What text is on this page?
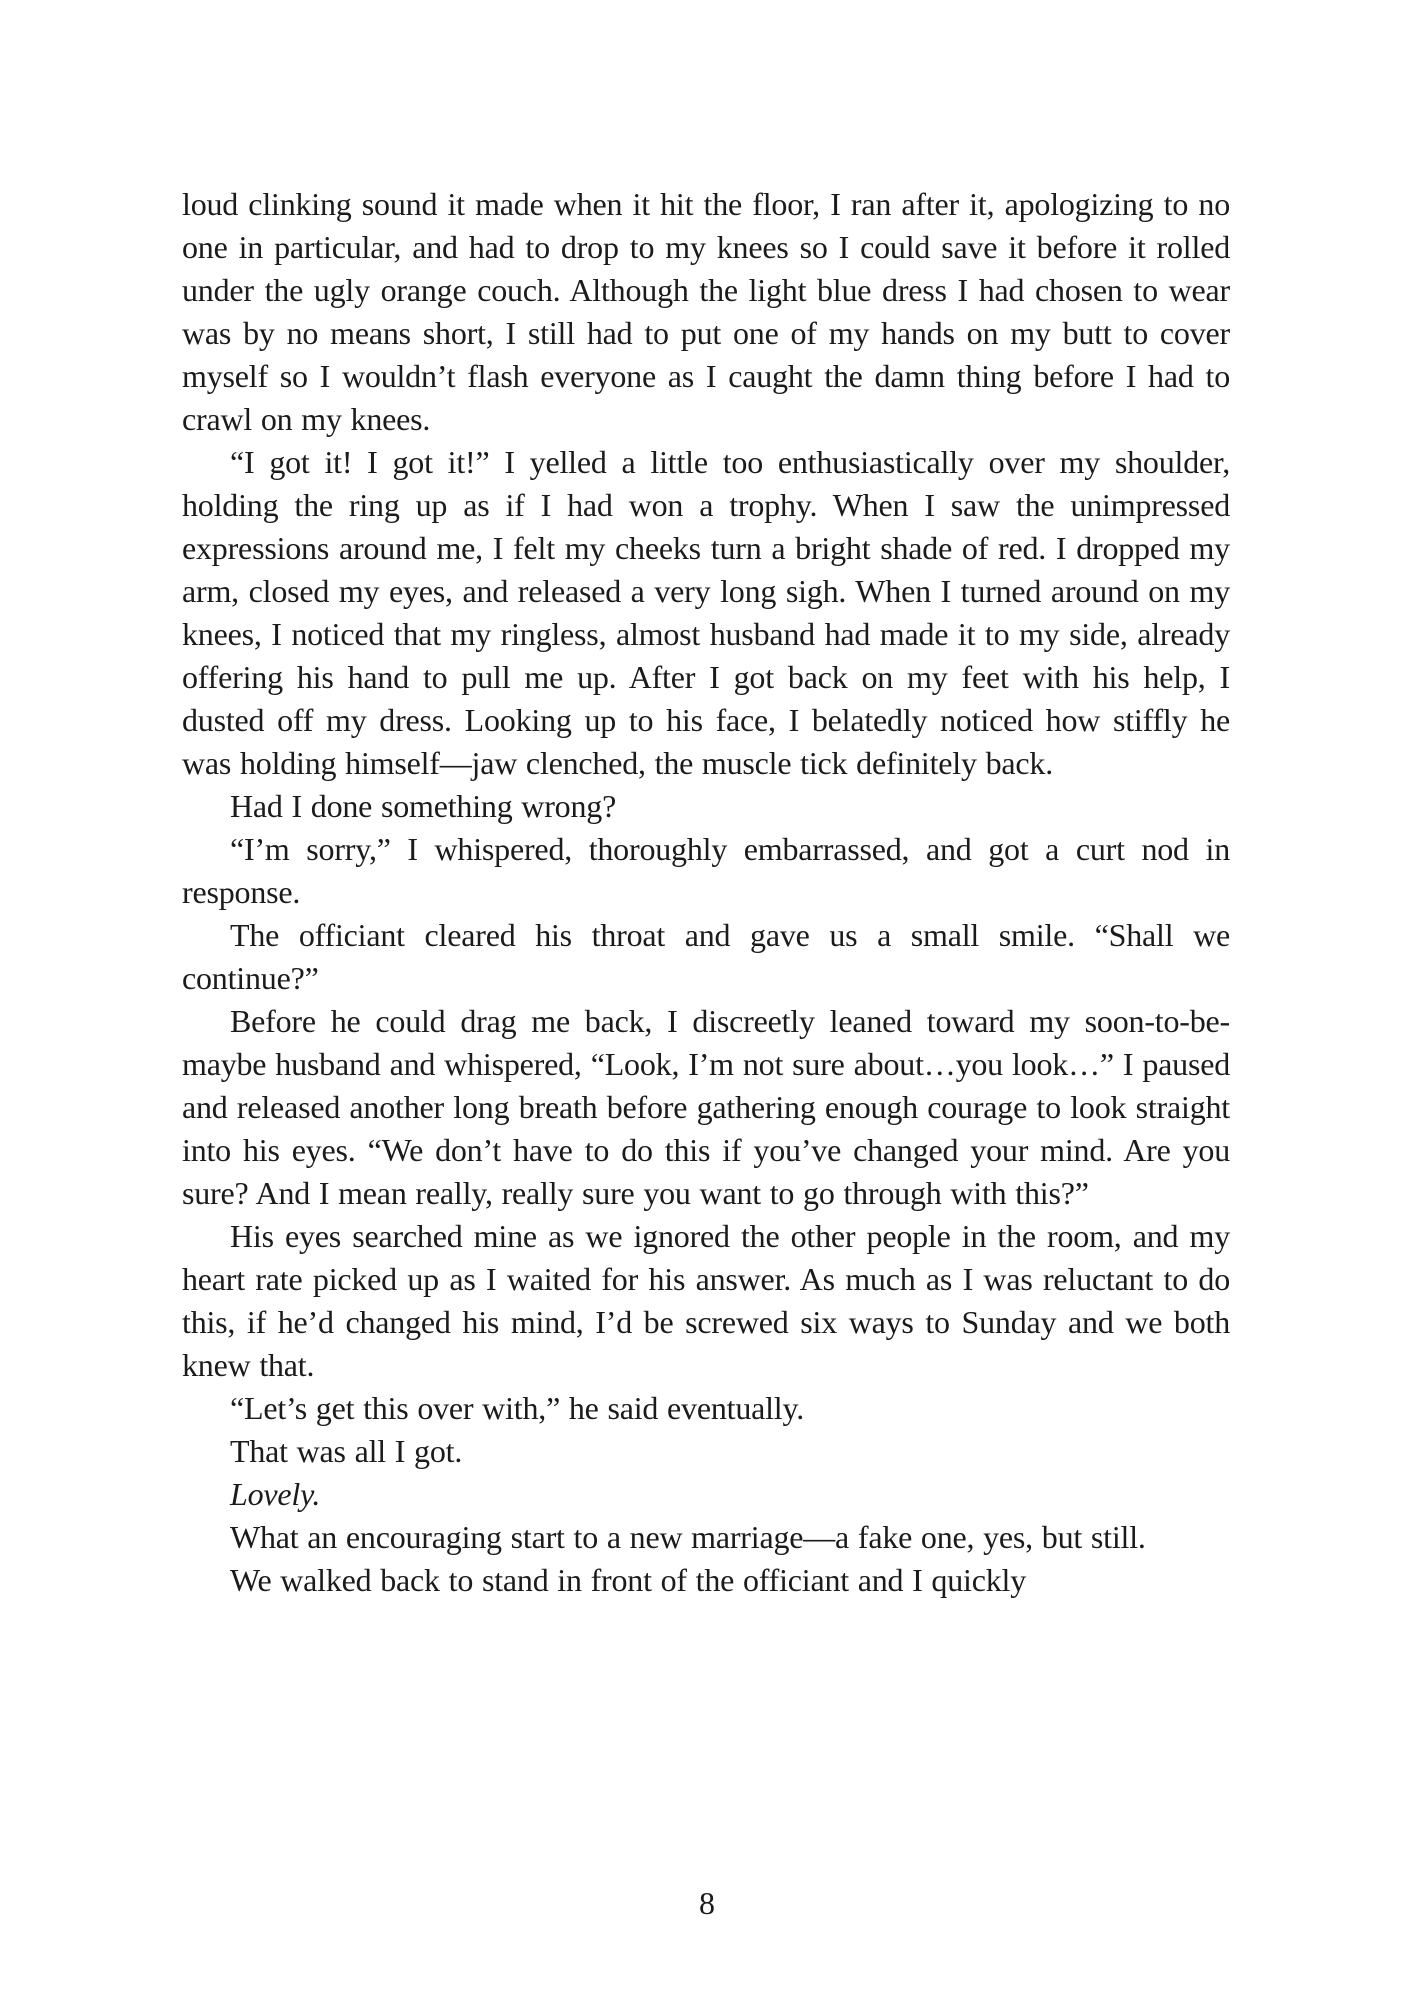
loud clinking sound it made when it hit the floor, I ran after it, apologizing to no one in particular, and had to drop to my knees so I could save it before it rolled under the ugly orange couch. Although the light blue dress I had chosen to wear was by no means short, I still had to put one of my hands on my butt to cover myself so I wouldn’t flash everyone as I caught the damn thing before I had to crawl on my knees.

“I got it! I got it!” I yelled a little too enthusiastically over my shoulder, holding the ring up as if I had won a trophy. When I saw the unimpressed expressions around me, I felt my cheeks turn a bright shade of red. I dropped my arm, closed my eyes, and released a very long sigh. When I turned around on my knees, I noticed that my ringless, almost husband had made it to my side, already offering his hand to pull me up. After I got back on my feet with his help, I dusted off my dress. Looking up to his face, I belatedly noticed how stiffly he was holding himself—jaw clenched, the muscle tick definitely back.

Had I done something wrong?

“I’m sorry,” I whispered, thoroughly embarrassed, and got a curt nod in response.

The officiant cleared his throat and gave us a small smile. “Shall we continue?”

Before he could drag me back, I discreetly leaned toward my soon-to-be-maybe husband and whispered, “Look, I’m not sure about…you look…” I paused and released another long breath before gathering enough courage to look straight into his eyes. “We don’t have to do this if you’ve changed your mind. Are you sure? And I mean really, really sure you want to go through with this?”

His eyes searched mine as we ignored the other people in the room, and my heart rate picked up as I waited for his answer. As much as I was reluctant to do this, if he’d changed his mind, I’d be screwed six ways to Sunday and we both knew that.

“Let’s get this over with,” he said eventually.

That was all I got.

Lovely.

What an encouraging start to a new marriage—a fake one, yes, but still.

We walked back to stand in front of the officiant and I quickly

8
